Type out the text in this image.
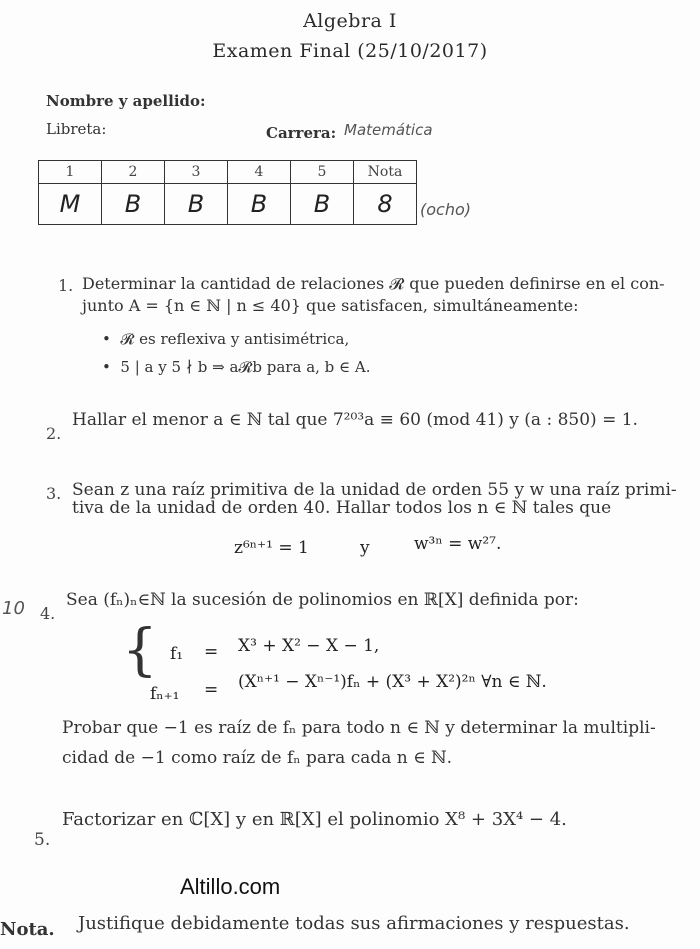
Algebra I
Examen Final (25/10/2017)
Nombre y apellido:
Libreta:	Carrera: Matemática
1	2	3	4	5	Nota
M	B	B	B	B	8 (ocho)
1. Determinar la cantidad de relaciones 𝓡 que pueden definirse en el con-
junto A = {n ∈ ℕ | n ≤ 40} que satisfacen, simultáneamente:
•  𝓡 es reflexiva y antisimétrica,
•  5 | a y 5 ∤ b ⇒ a𝓡b para a, b ∈ A.
2.
Hallar el menor a ∈ ℕ tal que 7²⁰³a ≡ 60 (mod 41) y (a : 850) = 1.
3. Sean z una raíz primitiva de la unidad de orden 55 y w una raíz primi-
tiva de la unidad de orden 40. Hallar todos los n ∈ ℕ tales que
z⁶ⁿ⁺¹ = 1	y	w³ⁿ = w²⁷.
10 4.
Sea (fₙ)ₙ∈ℕ la sucesión de polinomios en ℝ[X] definida por:
{ f₁ = X³ + X² − X − 1,
fₙ₊₁ = (Xⁿ⁺¹ − Xⁿ⁻¹)fₙ + (X³ + X²)²ⁿ ∀n ∈ ℕ.
Probar que −1 es raíz de fₙ para todo n ∈ ℕ y determinar la multipli-
cidad de −1 como raíz de fₙ para cada n ∈ ℕ.
5.
Factorizar en ℂ[X] y en ℝ[X] el polinomio X⁸ + 3X⁴ − 4.
Altillo.com
Nota. Justifique debidamente todas sus afirmaciones y respuestas.
